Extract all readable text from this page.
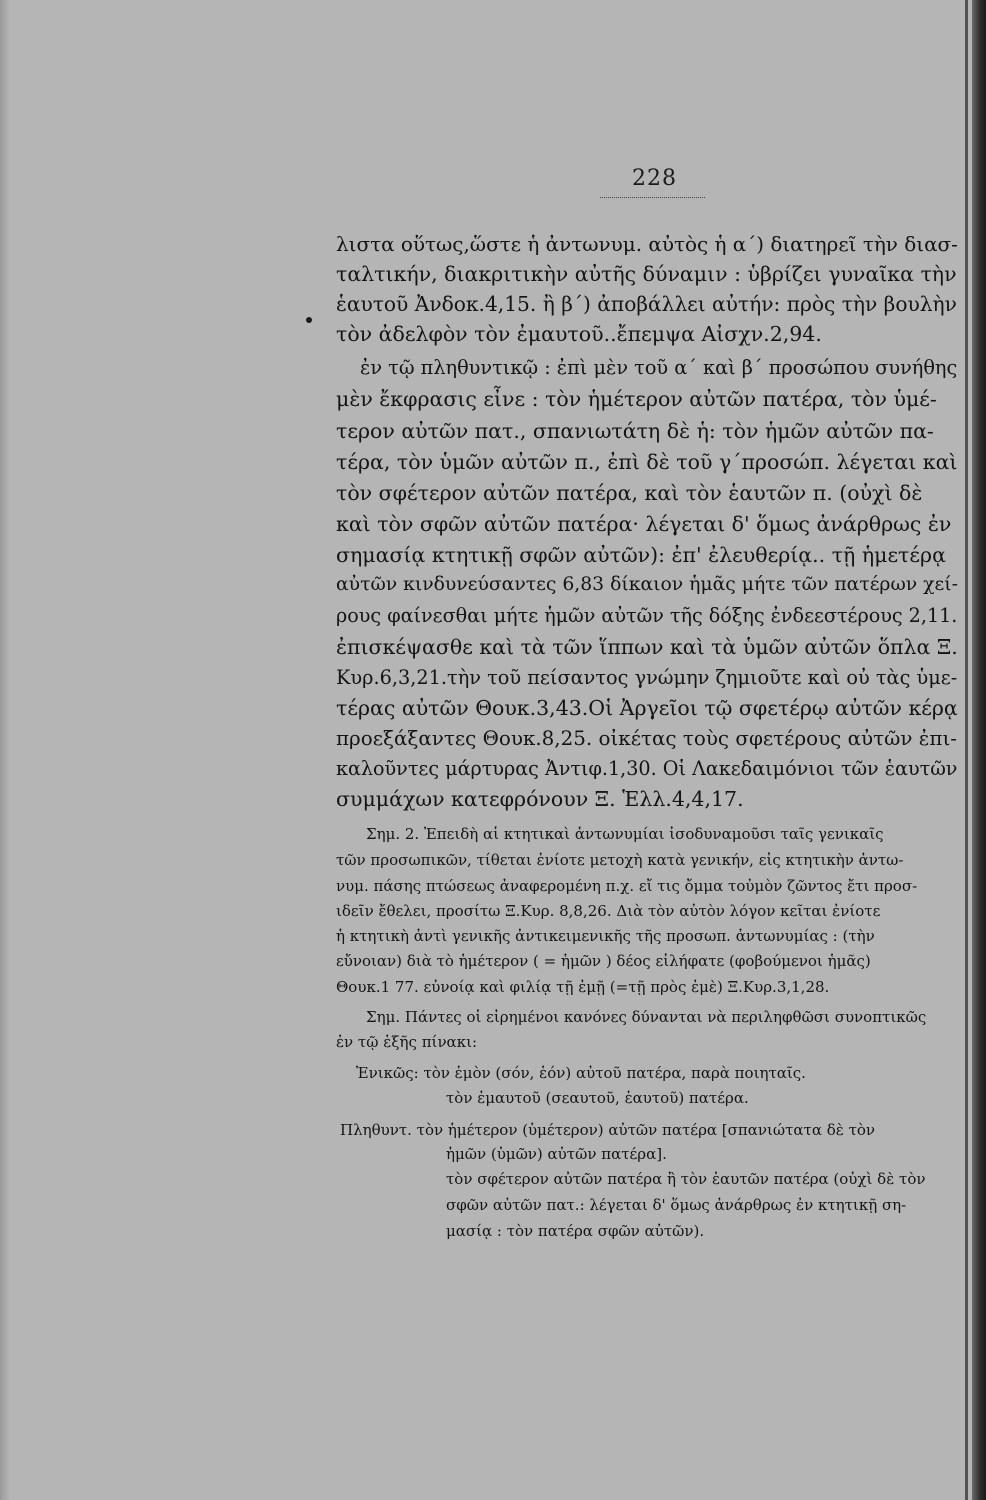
228
λιστα οὕτως,ὥστε ἡ ἀντωνυμ. αὐτὸς ἡ α΄) διατηρεῖ τὴν διασ-
ταλτικήν, διακριτικὴν αὐτῆς δύναμιν : ὑβρίζει γυναῖκα τὴν
ἑαυτοῦ Ἀνδοκ.4,15. ἢ β΄) ἀποβάλλει αὐτήν: πρὸς τὴν βουλὴν
τὸν ἀδελφὸν τὸν ἐμαυτοῦ..ἔπεμψα Αἰσχν.2,94.
ἐν τῷ πληθυντικῷ : ἐπὶ μὲν τοῦ α΄ καὶ β΄ προσώπου συνήθης
μὲν ἔκφρασις εἶνε : τὸν ἡμέτερον αὐτῶν πατέρα, τὸν ὑμέ-
τερον αὐτῶν πατ., σπανιωτάτη δὲ ἡ: τὸν ἡμῶν αὐτῶν πα-
τέρα, τὸν ὑμῶν αὐτῶν π., ἐπὶ δὲ τοῦ γ΄προσώπ. λέγεται καὶ
τὸν σφέτερον αὐτῶν πατέρα, καὶ τὸν ἑαυτῶν π. (οὐχὶ δὲ
καὶ τὸν σφῶν αὐτῶν πατέρα· λέγεται δ' ὅμως ἀνάρθρως ἐν
σημασίᾳ κτητικῇ σφῶν αὐτῶν): ἐπ' ἐλευθερίᾳ.. τῇ ἡμετέρᾳ
αὐτῶν κινδυνεύσαντες 6,83 δίκαιον ἡμᾶς μήτε τῶν πατέρων χεί-
ρους φαίνεσθαι μήτε ἡμῶν αὐτῶν τῆς δόξης ἐνδεεστέρους 2,11.
ἐπισκέψασθε καὶ τὰ τῶν ἵππων καὶ τὰ ὑμῶν αὐτῶν ὅπλα Ξ.
Κυρ.6,3,21.τὴν τοῦ πείσαντος γνώμην ζημιοῦτε καὶ οὐ τὰς ὑμε-
τέρας αὐτῶν Θουκ.3,43.Οἱ Ἀργεῖοι τῷ σφετέρῳ αὐτῶν κέρᾳ
προεξάξαντες Θουκ.8,25. οἰκέτας τοὺς σφετέρους αὐτῶν ἐπι-
καλοῦντες μάρτυρας Ἀντιφ.1,30. Οἱ Λακεδαιμόνιοι τῶν ἑαυτῶν
συμμάχων κατεφρόνουν Ξ. Ἑλλ.4,4,17.
Σημ. 2. Ἐπειδὴ αἱ κτητικαὶ ἀντωνυμίαι ἰσοδυναμοῦσι ταῖς γενικαῖς
τῶν προσωπικῶν, τίθεται ἐνίοτε μετοχὴ κατὰ γενικήν, εἰς κτητικὴν ἀντω-
νυμ. πάσης πτώσεως ἀναφερομένη π.χ. εἴ τις ὄμμα τοὐμὸν ζῶντος ἔτι προσ-
ιδεῖν ἔθελει, προσίτω Ξ.Κυρ. 8,8,26. Διὰ τὸν αὐτὸν λόγον κεῖται ἐνίοτε
ἡ κτητικὴ ἀντὶ γενικῆς ἀντικειμενικῆς τῆς προσωπ. ἀντωνυμίας : (τὴν
εὔνοιαν) διὰ τὸ ἡμέτερον ( = ἡμῶν ) δέος εἰλήφατε (φοβούμενοι ἡμᾶς)
Θουκ.1 77. εὐνοίᾳ καὶ φιλίᾳ τῇ ἐμῇ (=τῇ πρὸς ἐμὲ) Ξ.Κυρ.3,1,28.
Σημ. Πάντες οἱ εἰρημένοι κανόνες δύνανται νὰ περιληφθῶσι συνοπτικῶς
ἐν τῷ ἑξῆς πίνακι:
Ἑνικῶς: τὸν ἐμὸν (σόν, ἑόν) αὐτοῦ πατέρα, παρὰ ποιηταῖς.
τὸν ἐμαυτοῦ (σεαυτοῦ, ἑαυτοῦ) πατέρα.
Πληθυντ. τὸν ἡμέτερον (ὑμέτερον) αὐτῶν πατέρα [σπανιώτατα δὲ τὸν
ἡμῶν (ὑμῶν) αὐτῶν πατέρα].
τὸν σφέτερον αὐτῶν πατέρα ἢ τὸν ἑαυτῶν πατέρα (οὐχὶ δὲ τὸν
σφῶν αὐτῶν πατ.: λέγεται δ' ὅμως ἀνάρθρως ἐν κτητικῇ ση-
μασίᾳ : τὸν πατέρα σφῶν αὐτῶν).
